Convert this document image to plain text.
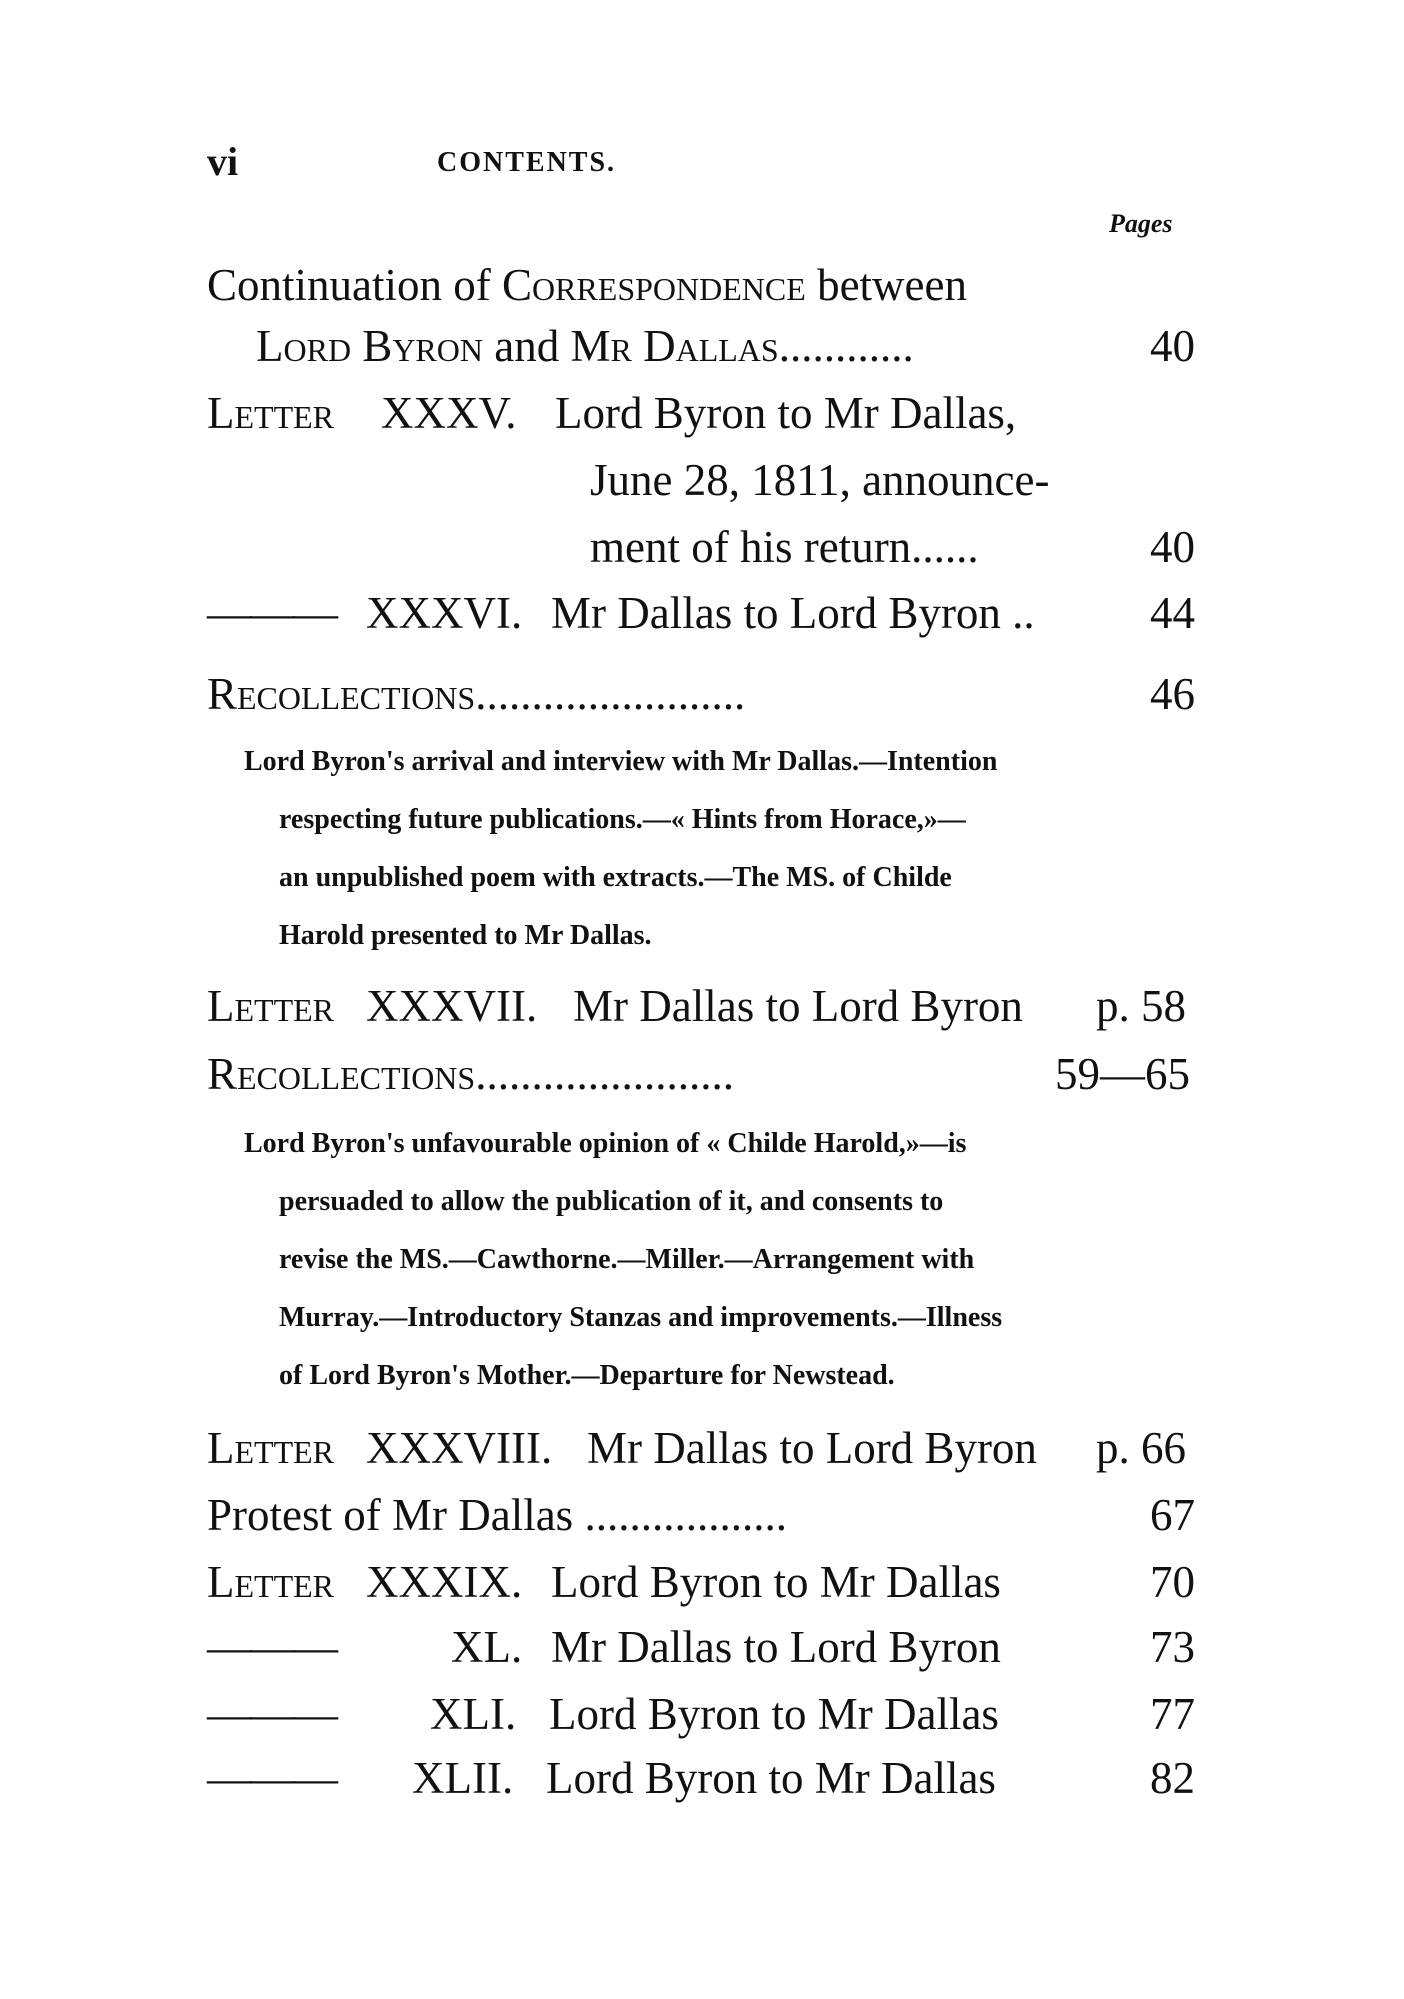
vi	CONTENTS.
Pages
Continuation of Correspondence between
Lord Byron and Mr Dallas............	40
Letter XXXV. Lord Byron to Mr Dallas,
June 28, 1811, announce-
ment of his return......	40
——— XXXVI. Mr Dallas to Lord Byron ..	44
Recollections........................	46
Lord Byron's arrival and interview with Mr Dallas.—Intention
respecting future publications.—« Hints from Horace,»—
an unpublished poem with extracts.—The MS. of Childe
Harold presented to Mr Dallas.
Letter XXXVII. Mr Dallas to Lord Byron p. 58
Recollections.......................	59—65
Lord Byron's unfavourable opinion of « Childe Harold,»—is
persuaded to allow the publication of it, and consents to
revise the MS.—Cawthorne.—Miller.—Arrangement with
Murray.—Introductory Stanzas and improvements.—Illness
of Lord Byron's Mother.—Departure for Newstead.
Letter XXXVIII. Mr Dallas to Lord Byron p. 66
Protest of Mr Dallas ..................	67
Letter XXXIX. Lord Byron to Mr Dallas	70
———	XL. Mr Dallas to Lord Byron	73
——— XLI. Lord Byron to Mr Dallas	77
——— XLII. Lord Byron to Mr Dallas	82
